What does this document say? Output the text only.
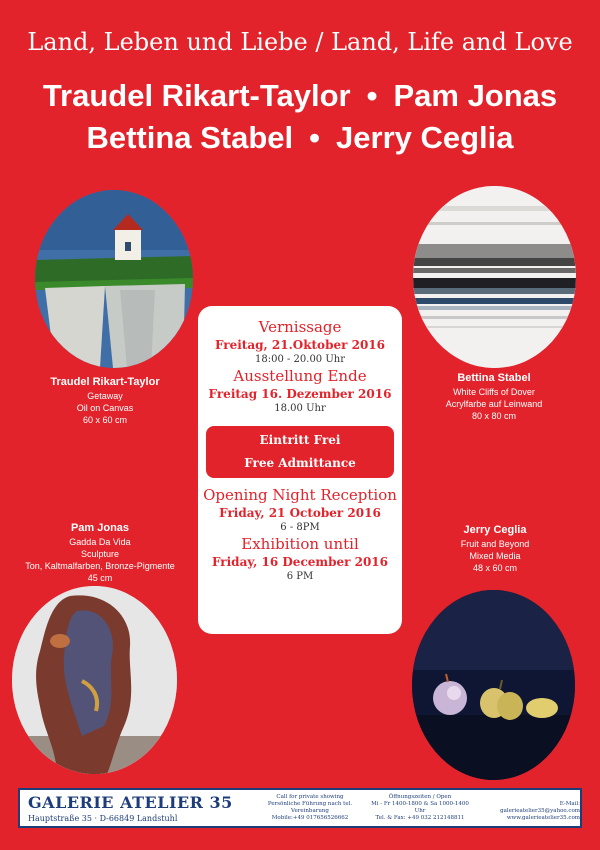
Land, Leben und Liebe / Land, Life and Love
Traudel Rikart-Taylor • Pam Jonas
Bettina Stabel • Jerry Ceglia
Traudel Rikart-Taylor
Getaway
Oil on Canvas
60 x 60 cm
Bettina Stabel
White Cliffs of Dover
Acrylfarbe auf Leinwand
80 x 80 cm
Pam Jonas
Gadda Da Vida
Sculpture
Ton, Kaltmalfarben, Bronze-Pigmente
45 cm
Jerry Ceglia
Fruit and Beyond
Mixed Media
48 x 60 cm
Vernissage
Freitag, 21.Oktober 2016
18:00 - 20.00 Uhr
Ausstellung Ende
Freitag 16. Dezember 2016
18.00 Uhr
Eintritt Frei
Free Admittance
Opening Night Reception
Friday, 21 October 2016
6 - 8PM
Exhibition until
Friday, 16 December 2016
6 PM
GALERIE ATELIER 35
Hauptstraße 35 · D-66849 Landstuhl
Call for private showing
Persönliche Führung nach tel. Vereinbarung
Mobile:+49 017656526662
Öffnungszeiten / Open
Mi - Fr 1400-1800 & Sa 1000-1400 Uhr
Tel. & Fax: +49 032 212148811
E-Mail: galerieatelier35@yahoo.com
www.galerieatelier35.com
